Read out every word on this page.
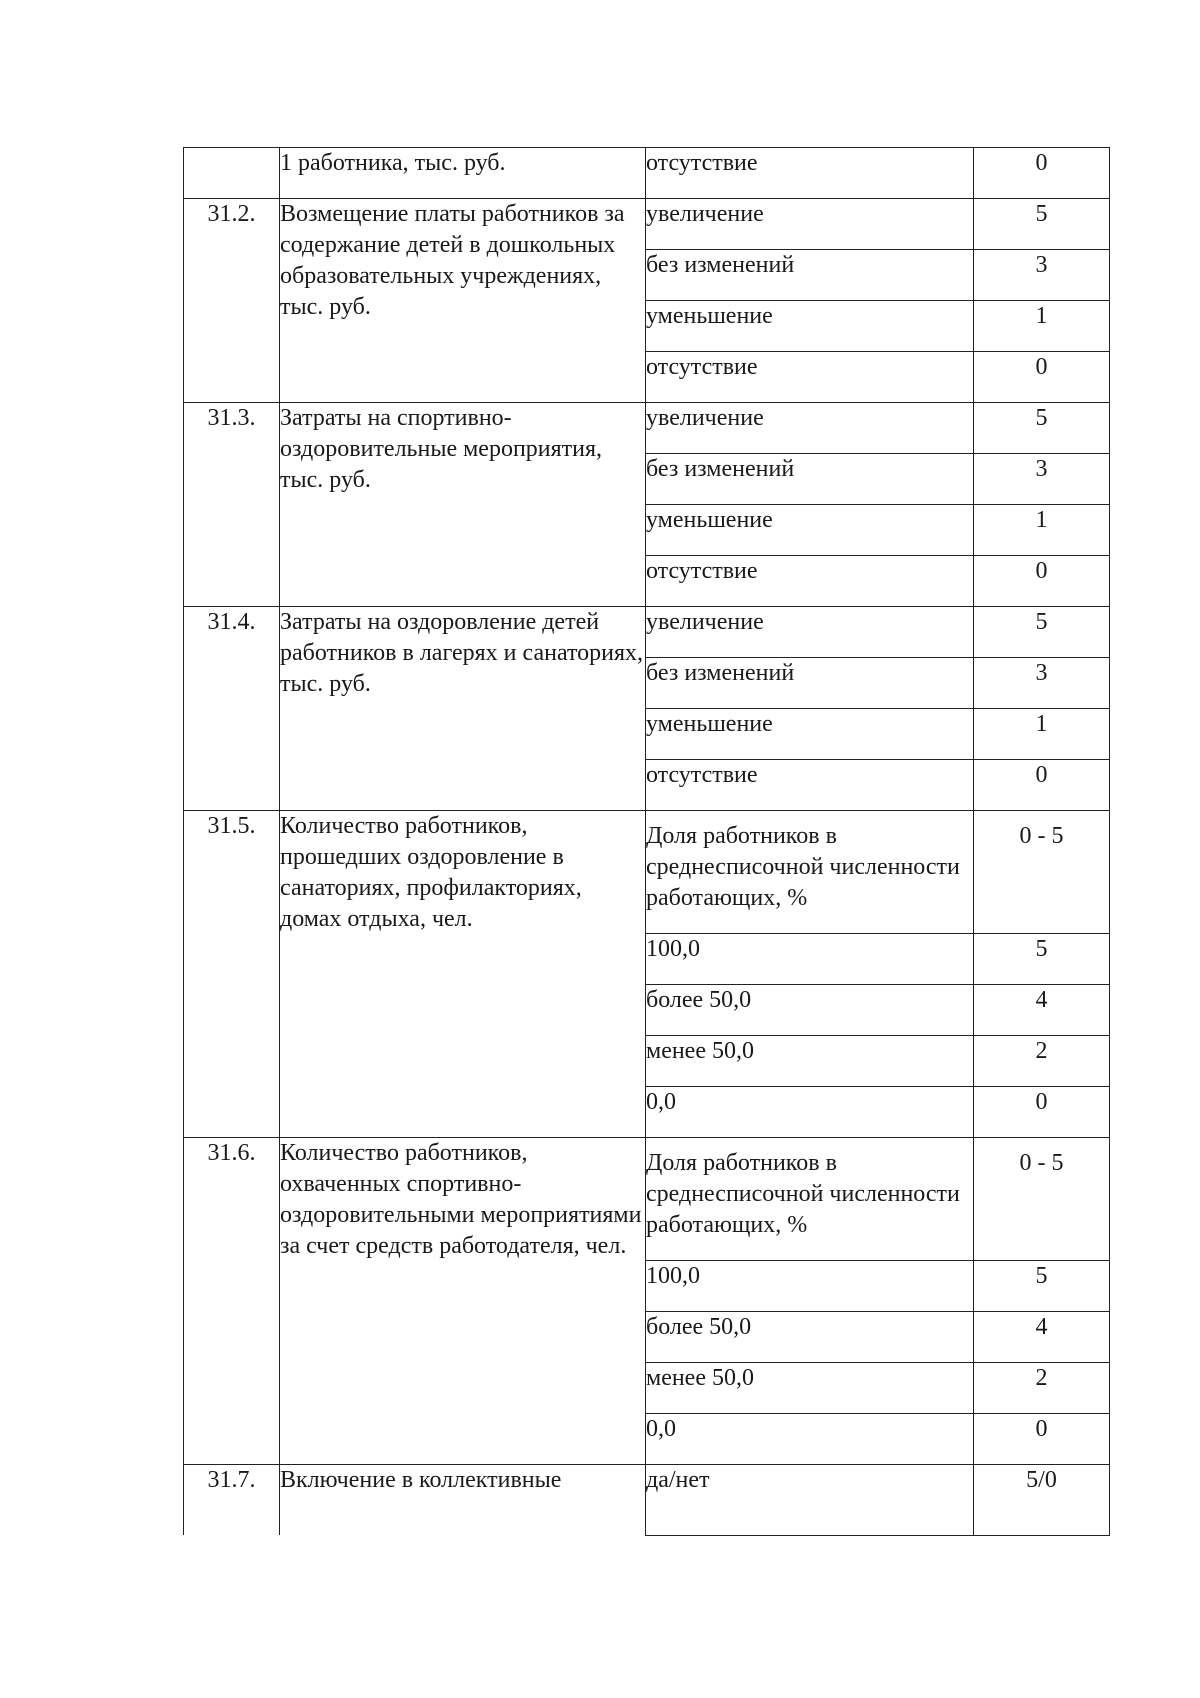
	1 работника, тыс. руб.	отсутствие	0
31.2.	Возмещение платы работников за содержание детей в дошкольных образовательных учреждениях, тыс. руб.	увеличение	5
		без изменений	3
		уменьшение	1
		отсутствие	0
31.3.	Затраты на спортивно-оздоровительные мероприятия, тыс. руб.	увеличение	5
		без изменений	3
		уменьшение	1
		отсутствие	0
31.4.	Затраты на оздоровление детей работников в лагерях и санаториях, тыс. руб.	увеличение	5
		без изменений	3
		уменьшение	1
		отсутствие	0
31.5.	Количество работников, прошедших оздоровление в санаториях, профилакториях, домах отдыха, чел.	Доля работников в среднесписочной численности работающих, %	0 - 5
		100,0	5
		более 50,0	4
		менее 50,0	2
		0,0	0
31.6.	Количество работников, охваченных спортивно-оздоровительными мероприятиями за счет средств работодателя, чел.	Доля работников в среднесписочной численности работающих, %	0 - 5
		100,0	5
		более 50,0	4
		менее 50,0	2
		0,0	0
31.7.	Включение в коллективные	да/нет	5/0
